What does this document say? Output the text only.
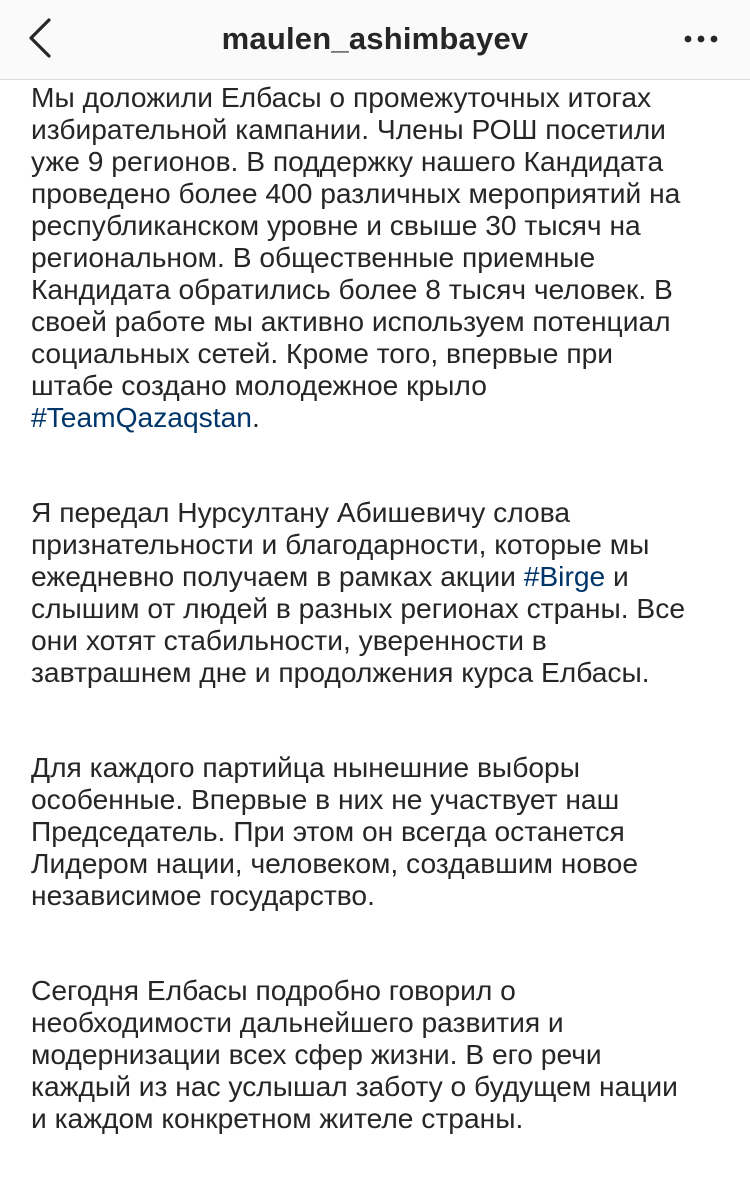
maulen_ashimbayev
Мы доложили Елбасы о промежуточных итогах
избирательной кампании. Члены РОШ посетили
уже 9 регионов. В поддержку нашего Кандидата
проведено более 400 различных мероприятий на
республиканском уровне и свыше 30 тысяч на
региональном. В общественные приемные
Кандидата обратились более 8 тысяч человек. В
своей работе мы активно используем потенциал
социальных сетей. Кроме того, впервые при
штабе создано молодежное крыло
#TeamQazaqstan.
Я передал Нурсултану Абишевичу слова
признательности и благодарности, которые мы
ежедневно получаем в рамках акции #Birge и
слышим от людей в разных регионах страны. Все
они хотят стабильности, уверенности в
завтрашнем дне и продолжения курса Елбасы.
Для каждого партийца нынешние выборы
особенные. Впервые в них не участвует наш
Председатель. При этом он всегда останется
Лидером нации, человеком, создавшим новое
независимое государство.
Сегодня Елбасы подробно говорил о
необходимости дальнейшего развития и
модернизации всех сфер жизни. В его речи
каждый из нас услышал заботу о будущем нации
и каждом конкретном жителе страны.
